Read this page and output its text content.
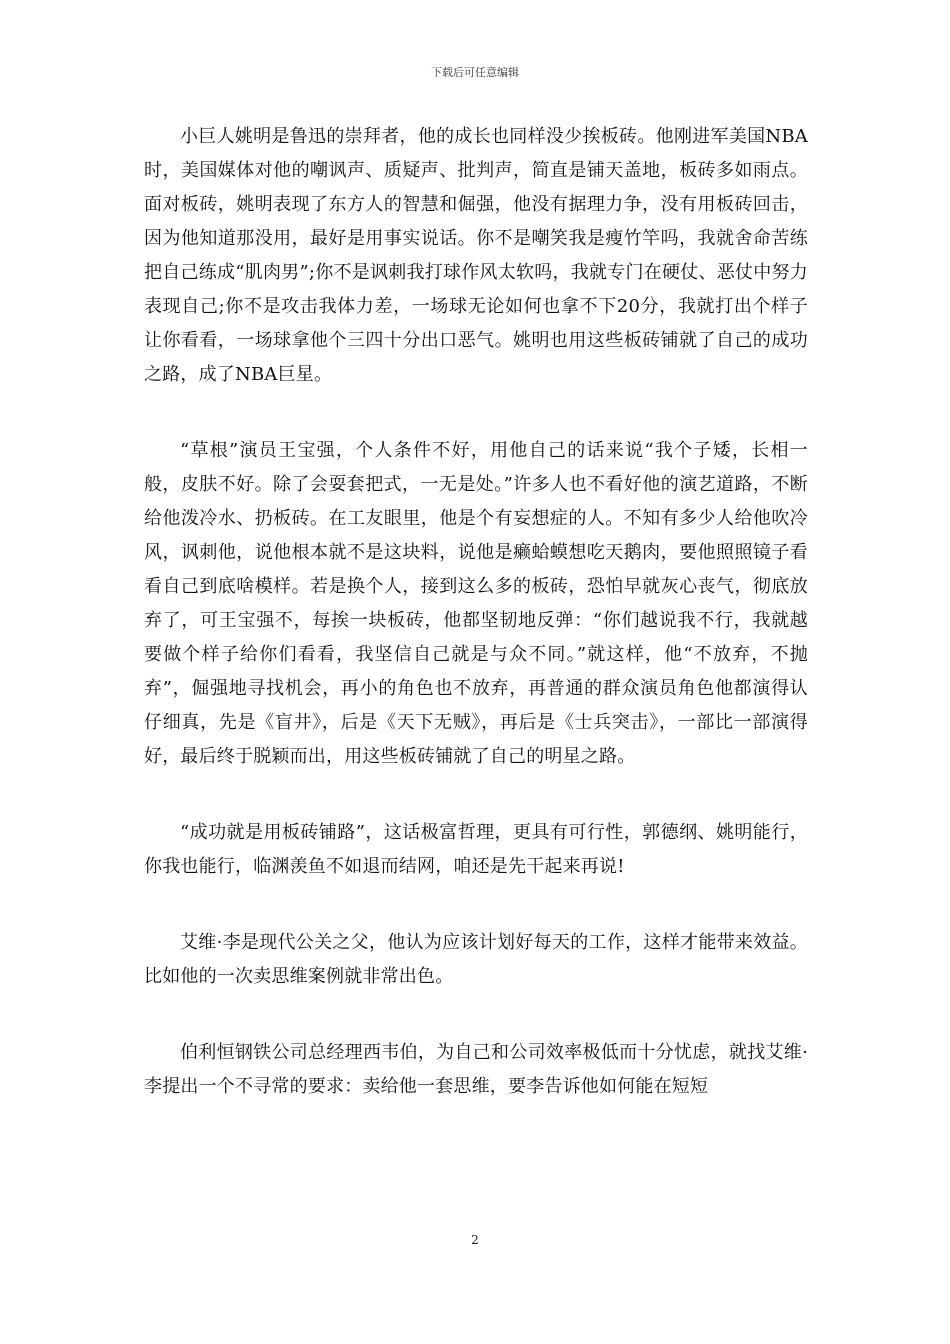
下载后可任意编辑

小巨人姚明是鲁迅的崇拜者，他的成长也同样没少挨板砖。他刚进军美国NBA时，美国媒体对他的嘲讽声、质疑声、批判声，简直是铺天盖地，板砖多如雨点。面对板砖，姚明表现了东方人的智慧和倔强，他没有据理力争，没有用板砖回击，因为他知道那没用，最好是用事实说话。你不是嘲笑我是瘦竹竿吗，我就舍命苦练把自己练成“肌肉男”;你不是讽刺我打球作风太软吗，我就专门在硬仗、恶仗中努力表现自己;你不是攻击我体力差，一场球无论如何也拿不下20分，我就打出个样子让你看看，一场球拿他个三四十分出口恶气。姚明也用这些板砖铺就了自己的成功之路，成了NBA巨星。

“草根”演员王宝强，个人条件不好，用他自己的话来说“我个子矮，长相一般，皮肤不好。除了会耍套把式，一无是处。”许多人也不看好他的演艺道路，不断给他泼冷水、扔板砖。在工友眼里，他是个有妄想症的人。不知有多少人给他吹冷风，讽刺他，说他根本就不是这块料，说他是癞蛤蟆想吃天鹅肉，要他照照镜子看看自己到底啥模样。若是换个人，接到这么多的板砖，恐怕早就灰心丧气，彻底放弃了，可王宝强不，每挨一块板砖，他都坚韧地反弹：“你们越说我不行，我就越要做个样子给你们看看，我坚信自己就是与众不同。”就这样，他“不放弃，不抛弃”，倔强地寻找机会，再小的角色也不放弃，再普通的群众演员角色他都演得认仔细真，先是《盲井》，后是《天下无贼》，再后是《士兵突击》，一部比一部演得好，最后终于脱颖而出，用这些板砖铺就了自己的明星之路。

“成功就是用板砖铺路”，这话极富哲理，更具有可行性，郭德纲、姚明能行，你我也能行，临渊羡鱼不如退而结网，咱还是先干起来再说!

艾维·李是现代公关之父，他认为应该计划好每天的工作，这样才能带来效益。比如他的一次卖思维案例就非常出色。

伯利恒钢铁公司总经理西韦伯，为自己和公司效率极低而十分忧虑，就找艾维·李提出一个不寻常的要求：卖给他一套思维，要李告诉他如何能在短短

2
